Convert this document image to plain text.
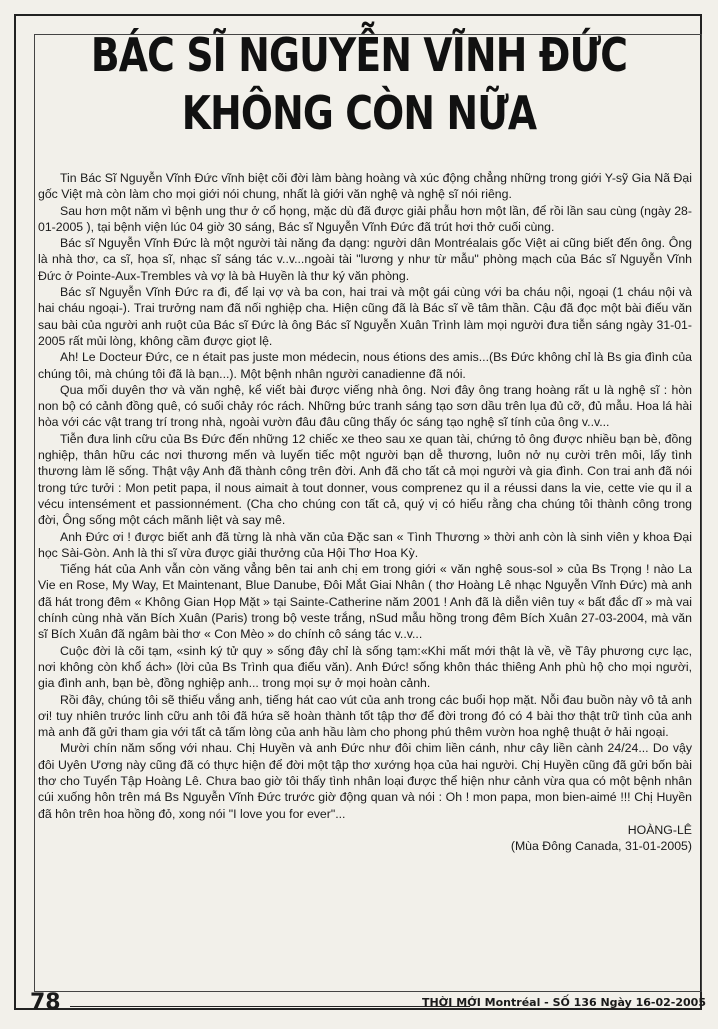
BÁC SĨ NGUYỄN VĨNH ĐỨC
KHÔNG CÒN NỮA

Tin Bác Sĩ Nguyễn Vĩnh Đức vĩnh biệt cõi đời làm bàng hoàng và xúc động chẳng những trong giới Y-sỹ Gia Nã Đại gốc Việt mà còn làm cho mọi giới nói chung, nhất là giới văn nghệ và nghệ sĩ nói riêng.

Sau hơn một năm vì bệnh ung thư ở cổ họng, mặc dù đã được giải phẫu hơn một lần, để rồi lần sau cùng (ngày 28-01-2005 ), tại bệnh viện lúc 04 giờ 30 sáng, Bác sĩ Nguyễn Vĩnh Đức đã trút hơi thở cuối cùng.

Bác sĩ Nguyễn Vĩnh Đức là một người tài năng đa dạng: người dân Montréalais gốc Việt ai cũng biết đến ông. Ông là nhà thơ, ca sĩ, họa sĩ, nhạc sĩ sáng tác v..v...ngoài tài "lương y như từ mẫu" phòng mạch của Bác sĩ Nguyễn Vĩnh Đức ở Pointe-Aux-Trembles và vợ là bà Huyền là thư ký văn phòng.

Bác sĩ Nguyễn Vĩnh Đức ra đi, để lại vợ và ba con, hai trai và một gái cùng với ba cháu nội, ngoại (1 cháu nội và hai cháu ngoại-). Trai trưởng nam đã nối nghiệp cha. Hiện cũng đã là Bác sĩ về tâm thần. Cậu đã đọc một bài điếu văn sau bài của người anh ruột của Bác sĩ Đức là ông Bác sĩ Nguyễn Xuân Trình làm mọi người đưa tiễn sáng ngày 31-01-2005 rất mủi lòng, không cầm được giọt lệ.

Ah! Le Docteur Đức, ce n était pas juste mon médecin, nous étions des amis...(Bs Đức không chỉ là Bs gia đình của chúng tôi, mà chúng tôi đã là bạn...). Một bệnh nhân người canadienne đã nói.

Qua mối duyên thơ và văn nghệ, kể viết bài được viếng nhà ông. Nơi đây ông trang hoàng rất u là nghệ sĩ : hòn non bộ có cảnh đồng quê, có suối chảy róc rách. Những bức tranh sáng tạo sơn dầu trên lụa đủ cỡ, đủ mẫu. Hoa lá hài hòa với các vật trang trí trong nhà, ngoài vườn đâu đâu cũng thấy óc sáng tạo nghệ sĩ tính của ông v..v...

Tiễn đưa linh cữu của Bs Đức đến những 12 chiếc xe theo sau xe quan tài, chứng tỏ ông được nhiều bạn bè, đồng nghiệp, thân hữu các nơi thương mến và luyến tiếc một người bạn dễ thương, luôn nở nụ cười trên môi, lấy tình thương làm lẽ sống. Thật vậy Anh đã thành công trên đời. Anh đã cho tất cả mọi người và gia đình. Con trai anh đã nói trong tức tưởi : Mon petit papa, il nous aimait à tout donner, vous comprenez qu il a réussi dans la vie, cette vie qu il a vécu intensément et passionnément. (Cha cho chúng con tất cả, quý vị có hiểu rằng cha chúng tôi thành công trong đời, Ông sống một cách mãnh liệt và say mê.

Anh Đức ơi ! được biết anh đã từng là nhà văn của Đặc san « Tình Thương » thời anh còn là sinh viên y khoa Đại học Sài-Gòn. Anh là thi sĩ vừa được giải thưởng của Hội Thơ Hoa Kỳ.

Tiếng hát của Anh vẫn còn văng vẳng bên tai anh chị em trong giới « văn nghệ sous-sol » của Bs Trọng ! nào La Vie en Rose, My Way, Et Maintenant, Blue Danube, Đôi Mắt Giai Nhân ( thơ Hoàng Lê nhạc Nguyễn Vĩnh Đức) mà anh đã hát trong đêm « Không Gian Họp Mặt » tại Sainte-Catherine năm 2001 ! Anh đã là diễn viên tuy « bất đắc dĩ » mà vai chính cùng nhà văn Bích Xuân (Paris) trong bộ veste trắng, nSud mẫu hồng trong đêm Bích Xuân 27-03-2004, mà văn sĩ Bích Xuân đã ngâm bài thơ « Con Mèo » do chính cô sáng tác v..v...

Cuộc đời là cõi tạm, «sinh ký tử quy » sống đây chỉ là sống tạm:«Khi mất mới thật là về, về Tây phương cực lạc, nơi không còn khổ ách» (lời của Bs Trình qua điếu văn). Anh Đức! sống khôn thác thiêng Anh phù hộ cho mọi người, gia đình anh, bạn bè, đồng nghiệp anh... trong mọi sự ở mọi hoàn cảnh.

Rồi đây, chúng tôi sẽ thiếu vắng anh, tiếng hát cao vút của anh trong các buổi họp mặt. Nỗi đau buồn này vô tả anh ơi! tuy nhiên trước linh cữu anh tôi đã hứa sẽ hoàn thành tốt tập thơ để đời trong đó có 4 bài thơ thật trữ tình của anh mà anh đã gửi tham gia với tất cả tấm lòng của anh hầu làm cho phong phú thêm vườn hoa nghệ thuật ở hải ngoại.

Mười chín năm sống với nhau. Chị Huyền và anh Đức như đôi chim liền cánh, như cây liền cành 24/24... Do vậy đôi Uyên Ương này cũng đã có thực hiện để đời một tập thơ xướng họa của hai người. Chị Huyền cũng đã gửi bốn bài thơ cho Tuyển Tập Hoàng Lê. Chưa bao giờ tôi thấy tình nhân loại được thể hiện như cảnh vừa qua có một bệnh nhân cúi xuống hôn trên má Bs Nguyễn Vĩnh Đức trước giờ động quan và nói : Oh ! mon papa, mon bien-aimé !!! Chị Huyền đã hôn trên hoa hồng đỏ, xong nói "I love you for ever"...

HOÀNG-LÊ

(Mùa Đông Canada, 31-01-2005)

78	THỜI MỚI Montréal - SỐ 136 Ngày 16-02-2005
